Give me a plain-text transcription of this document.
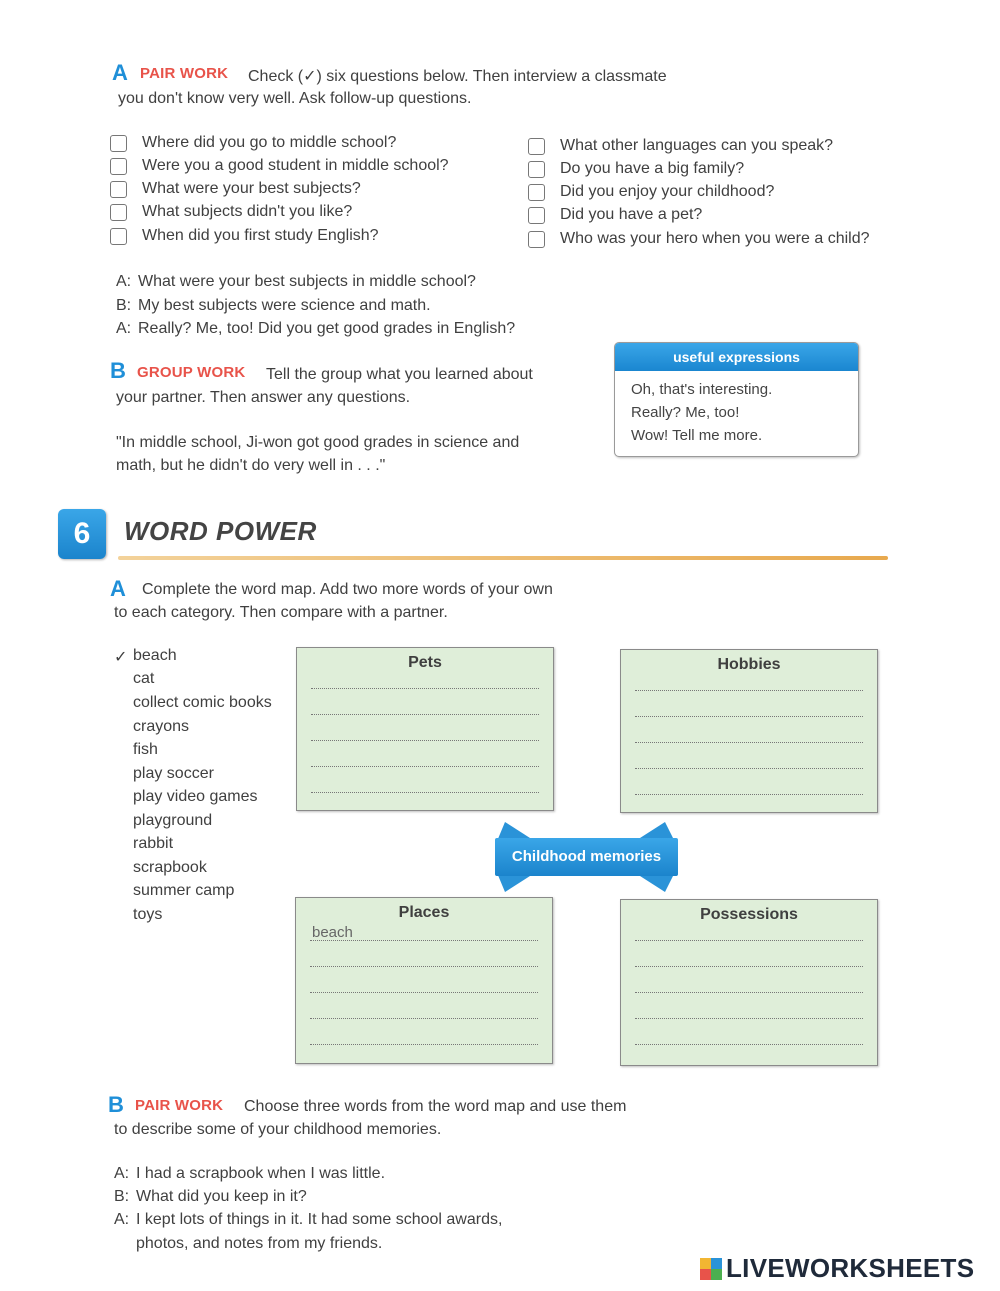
A PAIR WORK Check (✓) six questions below. Then interview a classmate
you don't know very well. Ask follow-up questions.
Where did you go to middle school?
Were you a good student in middle school?
What were your best subjects?
What subjects didn't you like?
When did you first study English?
What other languages can you speak?
Do you have a big family?
Did you enjoy your childhood?
Did you have a pet?
Who was your hero when you were a child?
A: What were your best subjects in middle school?
B: My best subjects were science and math.
A: Really? Me, too! Did you get good grades in English?
B GROUP WORK Tell the group what you learned about
your partner. Then answer any questions.
"In middle school, Ji-won got good grades in science and
math, but he didn't do very well in . . ."
useful expressions
Oh, that's interesting.
Really? Me, too!
Wow! Tell me more.
6	WORD POWER
A Complete the word map. Add two more words of your own
to each category. Then compare with a partner.
✓ beach
cat
collect comic books
crayons
fish
play soccer
play video games
playground
rabbit
scrapbook
summer camp
toys
Pets	Hobbies
Childhood memories
Places
beach
Possessions
B PAIR WORK Choose three words from the word map and use them
to describe some of your childhood memories.
A: I had a scrapbook when I was little.
B: What did you keep in it?
A: I kept lots of things in it. It had some school awards,
photos, and notes from my friends.
LIVEWORKSHEETS
